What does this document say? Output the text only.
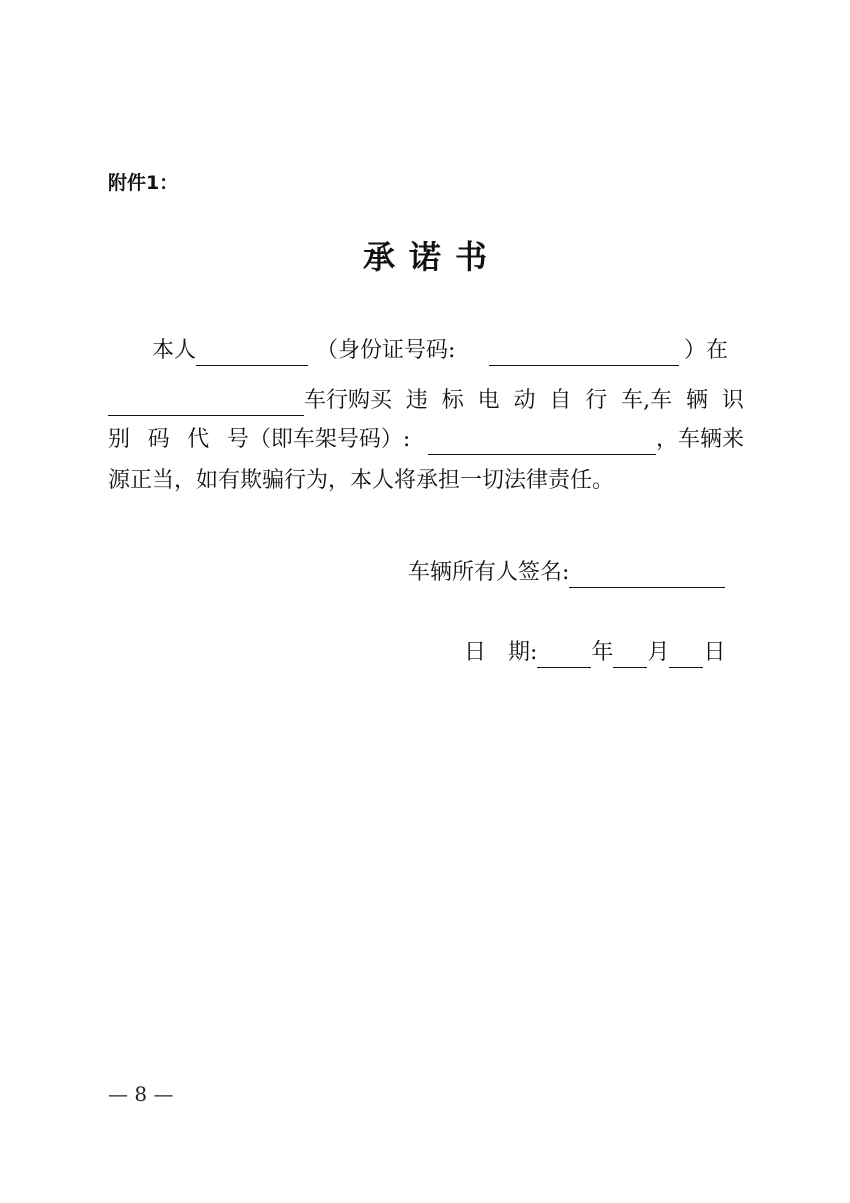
附件1：
承诺书
本人	（身份证号码:	）在
车行购买 违 标 电 动 自 行 车,车 辆 识
别 码 代 号（即车架号码）:	，车辆来
源正当，如有欺骗行为，本人将承担一切法律责任。
车辆所有人签名:
日　期: 年 月 日
— 8 —
